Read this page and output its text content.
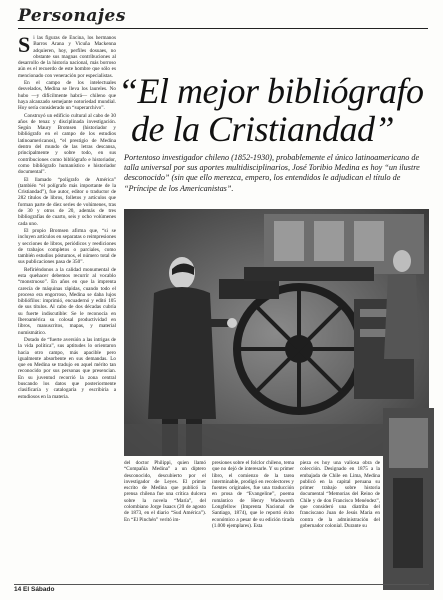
Personajes

Si las figuras de Encina, los hermanos Barros Arana y Vicuña Mackenna adquieren, hoy, perfiles dosuaes, no obstante sus magnas contribuciones al desarrollo de la historia nacional, más borroso aún es el recuerdo de este hombre que sólo es mencionado con veneración por especialistas.

En el campo de los intelectuales desvelados, Medina se lleva los laureles. No hubo —y difícilmente habrá— chileno que haya alcanzado semejante notoriedad mundial. Hoy sería considerado un “superarchivo”.

Construyó un edificio cultural al cabo de 30 años de tenaz y disciplinada investigación. Según Maury Bromsen (historiador y bibliógrafo en el campo de los estudios latinoamericanos), “el prestigio de Medina dentro del mundo de las letras descansa, principalmente y sobre todo, en sus contribuciones como bibliógrafo e historiador, como bibliógrafo humanístico e historiador documental”.

El llamado “polígrafo de América” (también “el polígrafo más importante de la Cristiandad”), fue autor, editor o traductor de 282 títulos de libros, folletos y artículos que forman parte de diez series de volúmenes, tras de 30 y otros de 20, además de tres bibliografías de cuarto, seis y ocho volúmenes cada uno.

El propio Bromsen afirma que, “si se incluyen artículos en separatas o reimpresiones y secciones de libros, periódicos y reediciones de trabajos completos o parciales, como también estudios póstumos, el número total de sus publicaciones pasa de 350”.

Refiriéndonos a la calidad monumental de esta quehacer debemos recurrir al vocablo “monstruoso”. En años en que la imprenta carecía de máquinas rápidas, cuando todo el proceso era engorroso, Medina se daba lujos bibliófilos: imprimió, encuadernó y editó 105 de sus títulos. Al cabo de dos décadas cubría su fuerte indiscutible: Se le reconocía en Iberoamérica su colosal productividad en libros, manuscritos, mapas, y material numismático.

Dotado de “fuerte aversión a las intrigas de la vida política”, sus aptitudes lo orientaron hacia otro campo, más apacible pero igualmente absorbente en sus demandas. Lo que en Medina se tradujo en aquel mérito tan reconocido por sus personas que presencian. En su juventud recorrió la zona central buscando los datos que posteriormente clasificaría y catalogaría y escribiría a estudiosos en la materia.

“El mejor bibliógrafo
de la Cristiandad”
Portentoso investigador chileno (1852-1930), probablemente el único latinoamericano de talla universal por sus aportes multidisciplinarios, José Toribio Medina es hoy “un ilustre desconocido” (sin que ello merezca, empero, los entendidos le adjudican el título de “Príncipe de los Americanistas”.

del doctor Philippi, quien llamó “Compañía Medina” a un díptero desconocido, descubierto por el investigador de Leyes. El primer escrito de Medina que publicó la prensa chilena fue una crítica dulcera sobre la novela “María”, del colombiano Jorge Isaacs (20 de agosto de 1873, en el diario “Sud América”). En “El Pinchén” veritó im-

presiones sobre el folclor chileno, tema que no dejó de interesarle. Y su primer libro, el comienzo de la tarea interminable, prodigó en recolectores y fuentes originales, fue una traducción en prosa de “Evangeline”, poema romántico de Henry Wadsworth Longfellow (Imprenta Nacional de Santiago, 1874), que le reportó éxito económico a pesar de su edición tirada (1.000 ejemplares). Esta

pieza es hoy una valiosa obra de colección. Designado en 1875 a la embajada de Chile en Lima, Medina publicó en la capital peruana su primer trabajo sobre historia documental “Memorias del Reino de Chile y de don Francisco Menéndez”, que consideró una diatriba del franciscano Juan de Jesús María en contra de la administración del gobernador colonial. Durante su

14 El Sábado
